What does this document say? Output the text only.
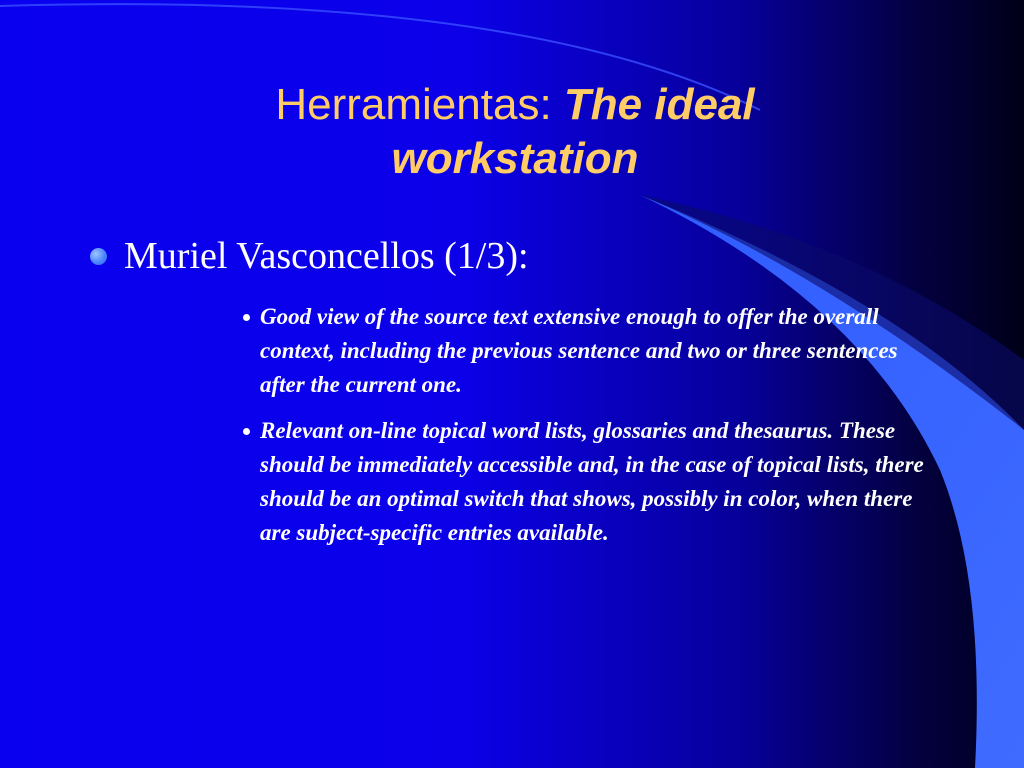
Herramientas: The ideal workstation
Muriel Vasconcellos (1/3):
Good view of the source text extensive enough to offer the overall context, including the previous sentence and two or three sentences after the current one.
Relevant on-line topical word lists, glossaries and thesaurus. These should be immediately accessible and, in the case of topical lists, there should be an optimal switch that shows, possibly in color, when there are subject-specific entries available.
